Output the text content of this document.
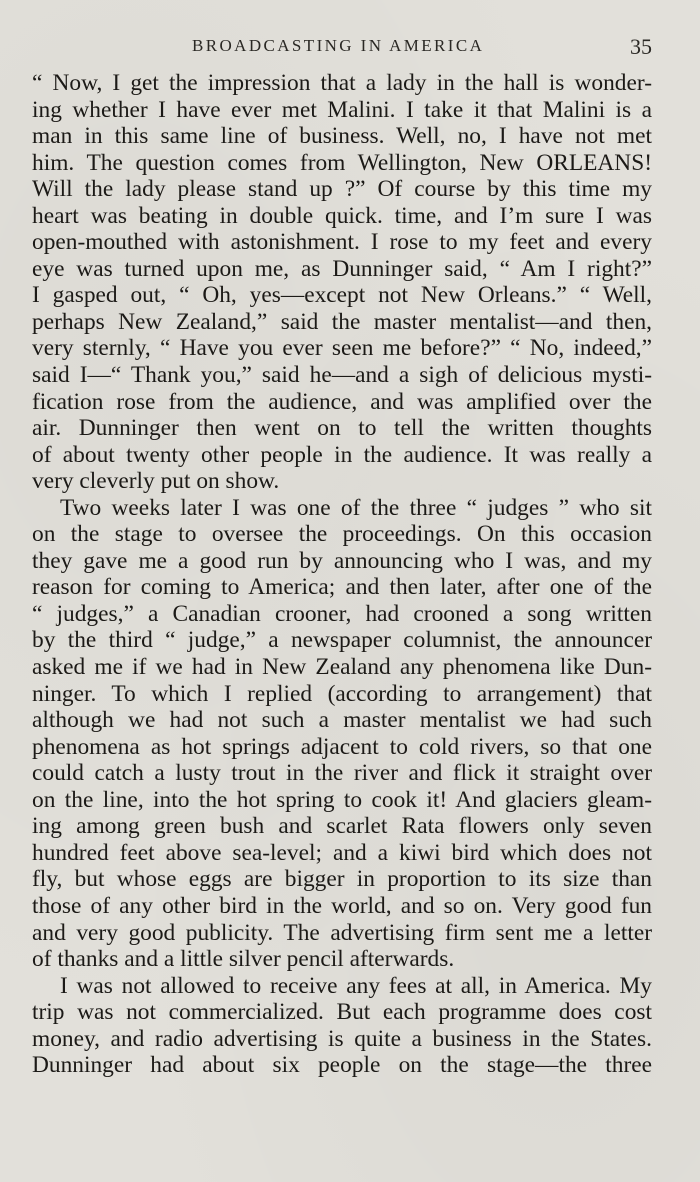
BROADCASTING IN AMERICA	35
“ Now, I get the impression that a lady in the hall is wonder-
ing whether I have ever met Malini. I take it that Malini is a
man in this same line of business. Well, no, I have not met
him. The question comes from Wellington, New ORLEANS!
Will the lady please stand up ?” Of course by this time my
heart was beating in double quick. time, and I’m sure I was
open-mouthed with astonishment. I rose to my feet and every
eye was turned upon me, as Dunninger said, “ Am I right?”
I gasped out, “ Oh, yes—except not New Orleans.” “ Well,
perhaps New Zealand,” said the master mentalist—and then,
very sternly, “ Have you ever seen me before?” “ No, indeed,”
said I—“ Thank you,” said he—and a sigh of delicious mysti-
fication rose from the audience, and was amplified over the
air. Dunninger then went on to tell the written thoughts
of about twenty other people in the audience. It was really a
very cleverly put on show.
Two weeks later I was one of the three “ judges ” who sit
on the stage to oversee the proceedings. On this occasion
they gave me a good run by announcing who I was, and my
reason for coming to America; and then later, after one of the
“ judges,” a Canadian crooner, had crooned a song written
by the third “ judge,” a newspaper columnist, the announcer
asked me if we had in New Zealand any phenomena like Dun-
ninger. To which I replied (according to arrangement) that
although we had not such a master mentalist we had such
phenomena as hot springs adjacent to cold rivers, so that one
could catch a lusty trout in the river and flick it straight over
on the line, into the hot spring to cook it! And glaciers gleam-
ing among green bush and scarlet Rata flowers only seven
hundred feet above sea-level; and a kiwi bird which does not
fly, but whose eggs are bigger in proportion to its size than
those of any other bird in the world, and so on. Very good fun
and very good publicity. The advertising firm sent me a letter
of thanks and a little silver pencil afterwards.
I was not allowed to receive any fees at all, in America. My
trip was not commercialized. But each programme does cost
money, and radio advertising is quite a business in the States.
Dunninger had about six people on the stage—the three
